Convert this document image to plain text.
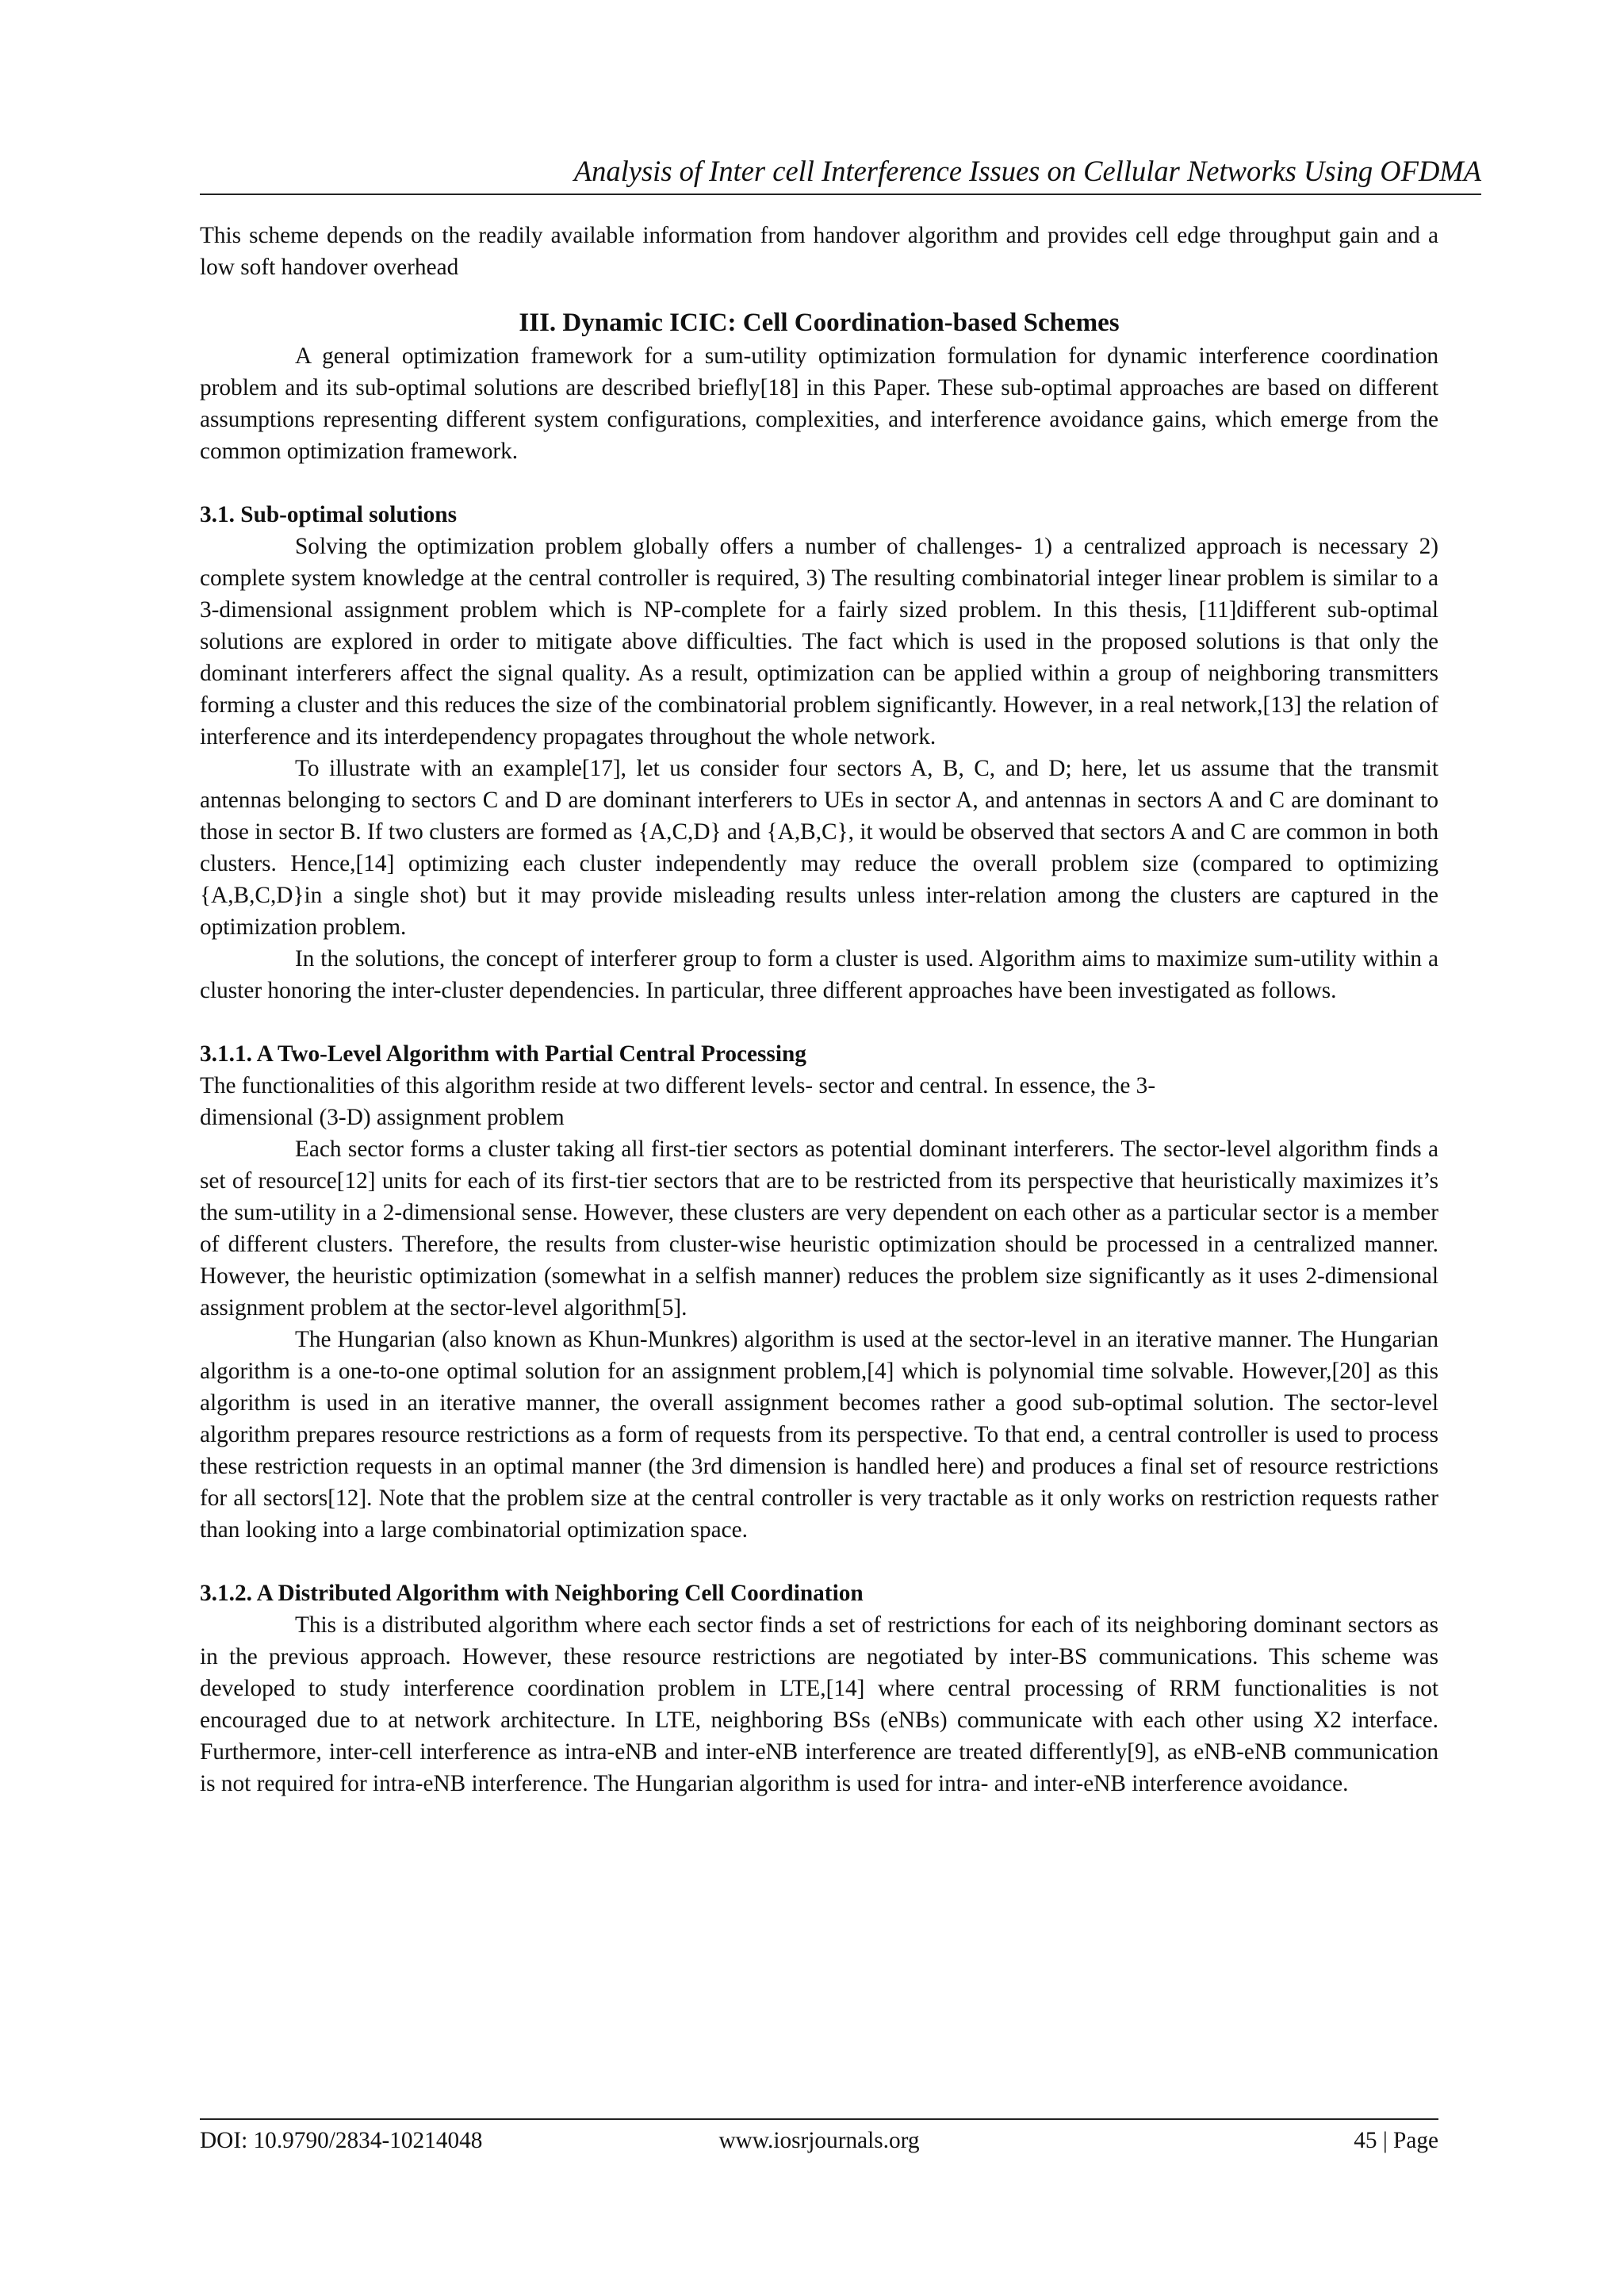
Analysis of Inter cell Interference Issues on Cellular Networks Using OFDMA

This scheme depends on the readily available information from handover algorithm and provides cell edge throughput gain and a low soft handover overhead

III. Dynamic ICIC: Cell Coordination-based Schemes

A general optimization framework for a sum-utility optimization formulation for dynamic interference coordination problem and its sub-optimal solutions are described briefly[18] in this Paper. These sub-optimal approaches are based on different assumptions representing different system configurations, complexities, and interference avoidance gains, which emerge from the common optimization framework.

3.1. Sub-optimal solutions

Solving the optimization problem globally offers a number of challenges- 1) a centralized approach is necessary 2) complete system knowledge at the central controller is required, 3) The resulting combinatorial integer linear problem is similar to a 3-dimensional assignment problem which is NP-complete for a fairly sized problem. In this thesis, [11]different sub-optimal solutions are explored in order to mitigate above difficulties. The fact which is used in the proposed solutions is that only the dominant interferers affect the signal quality. As a result, optimization can be applied within a group of neighboring transmitters forming a cluster and this reduces the size of the combinatorial problem significantly. However, in a real network,[13] the relation of interference and its interdependency propagates throughout the whole network.

To illustrate with an example[17], let us consider four sectors A, B, C, and D; here, let us assume that the transmit antennas belonging to sectors C and D are dominant interferers to UEs in sector A, and antennas in sectors A and C are dominant to those in sector B. If two clusters are formed as {A,C,D} and {A,B,C}, it would be observed that sectors A and C are common in both clusters. Hence,[14] optimizing each cluster independently may reduce the overall problem size (compared to optimizing {A,B,C,D}in a single shot) but it may provide misleading results unless inter-relation among the clusters are captured in the optimization problem.

In the solutions, the concept of interferer group to form a cluster is used. Algorithm aims to maximize sum-utility within a cluster honoring the inter-cluster dependencies. In particular, three different approaches have been investigated as follows.

3.1.1. A Two-Level Algorithm with Partial Central Processing
The functionalities of this algorithm reside at two different levels- sector and central. In essence, the 3-
dimensional (3-D) assignment problem

Each sector forms a cluster taking all first-tier sectors as potential dominant interferers. The sector-level algorithm finds a set of resource[12] units for each of its first-tier sectors that are to be restricted from its perspective that heuristically maximizes it’s the sum-utility in a 2-dimensional sense. However, these clusters are very dependent on each other as a particular sector is a member of different clusters. Therefore, the results from cluster-wise heuristic optimization should be processed in a centralized manner. However, the heuristic optimization (somewhat in a selfish manner) reduces the problem size significantly as it uses 2-dimensional assignment problem at the sector-level algorithm[5].

The Hungarian (also known as Khun-Munkres) algorithm is used at the sector-level in an iterative manner. The Hungarian algorithm is a one-to-one optimal solution for an assignment problem,[4] which is polynomial time solvable. However,[20] as this algorithm is used in an iterative manner, the overall assignment becomes rather a good sub-optimal solution. The sector-level algorithm prepares resource restrictions as a form of requests from its perspective. To that end, a central controller is used to process these restriction requests in an optimal manner (the 3rd dimension is handled here) and produces a final set of resource restrictions for all sectors[12]. Note that the problem size at the central controller is very tractable as it only works on restriction requests rather than looking into a large combinatorial optimization space.

3.1.2. A Distributed Algorithm with Neighboring Cell Coordination

This is a distributed algorithm where each sector finds a set of restrictions for each of its neighboring dominant sectors as in the previous approach. However, these resource restrictions are negotiated by inter-BS communications. This scheme was developed to study interference coordination problem in LTE,[14] where central processing of RRM functionalities is not encouraged due to at network architecture. In LTE, neighboring BSs (eNBs) communicate with each other using X2 interface. Furthermore, inter-cell interference as intra-eNB and inter-eNB interference are treated differently[9], as eNB-eNB communication is not required for intra-eNB interference. The Hungarian algorithm is used for intra- and inter-eNB interference avoidance.

DOI: 10.9790/2834-10214048	www.iosrjournals.org	45 | Page
